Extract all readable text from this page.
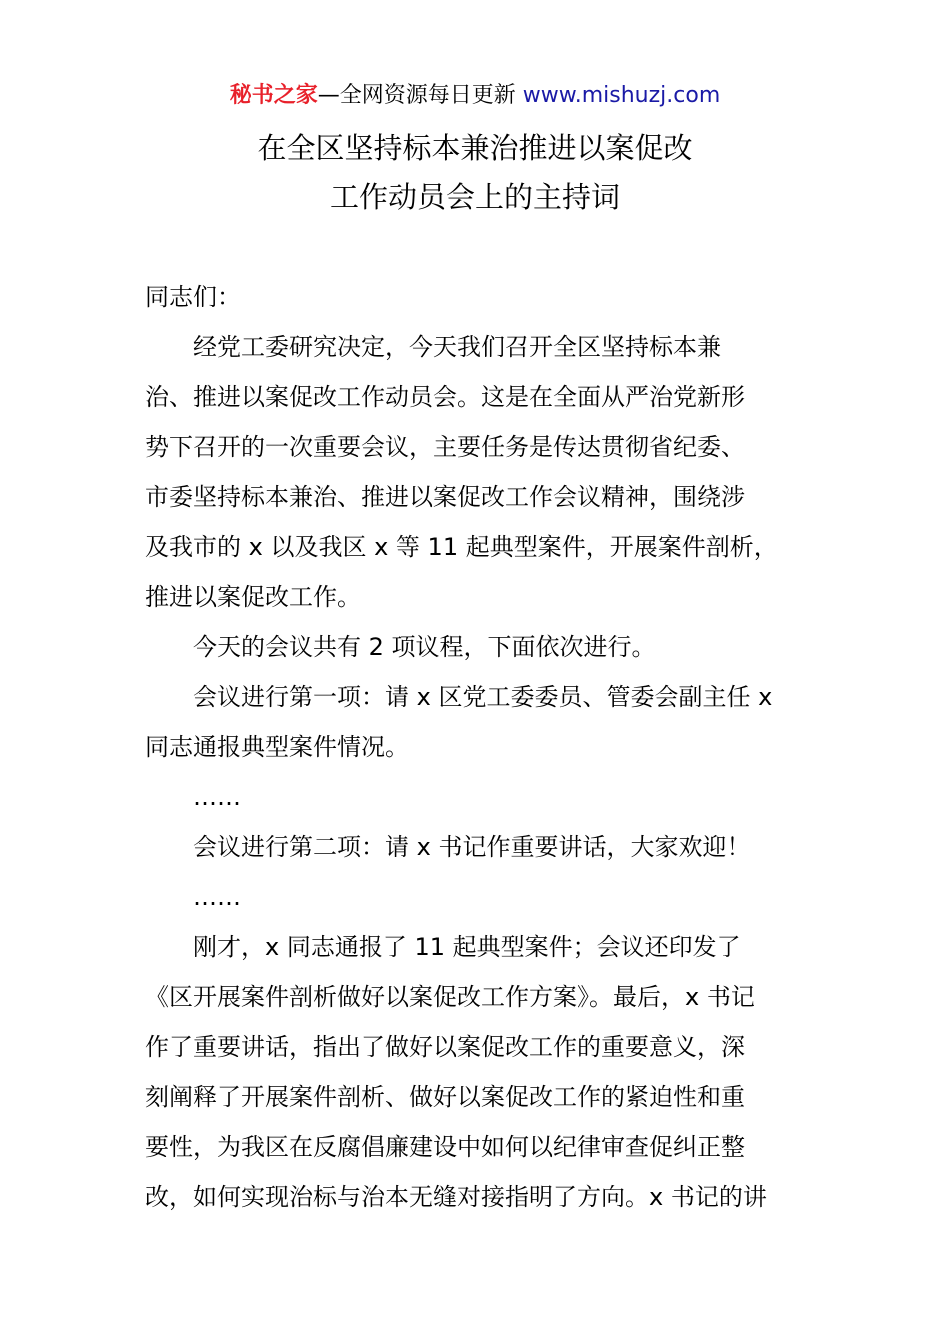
秘书之家—全网资源每日更新 www.mishuzj.com
在全区坚持标本兼治推进以案促改
工作动员会上的主持词
同志们：
　　经党工委研究决定，今天我们召开全区坚持标本兼
治、推进以案促改工作动员会。这是在全面从严治党新形
势下召开的一次重要会议，主要任务是传达贯彻省纪委、
市委坚持标本兼治、推进以案促改工作会议精神，围绕涉
及我市的 x 以及我区 x 等 11 起典型案件，开展案件剖析，
推进以案促改工作。
　　今天的会议共有 2 项议程，下面依次进行。
　　会议进行第一项：请 x 区党工委委员、管委会副主任 x
同志通报典型案件情况。
　　……
　　会议进行第二项：请 x 书记作重要讲话，大家欢迎！
　　……
　　刚才，x 同志通报了 11 起典型案件；会议还印发了
《区开展案件剖析做好以案促改工作方案》。最后，x 书记
作了重要讲话，指出了做好以案促改工作的重要意义，深
刻阐释了开展案件剖析、做好以案促改工作的紧迫性和重
要性，为我区在反腐倡廉建设中如何以纪律审查促纠正整
改，如何实现治标与治本无缝对接指明了方向。x 书记的讲
